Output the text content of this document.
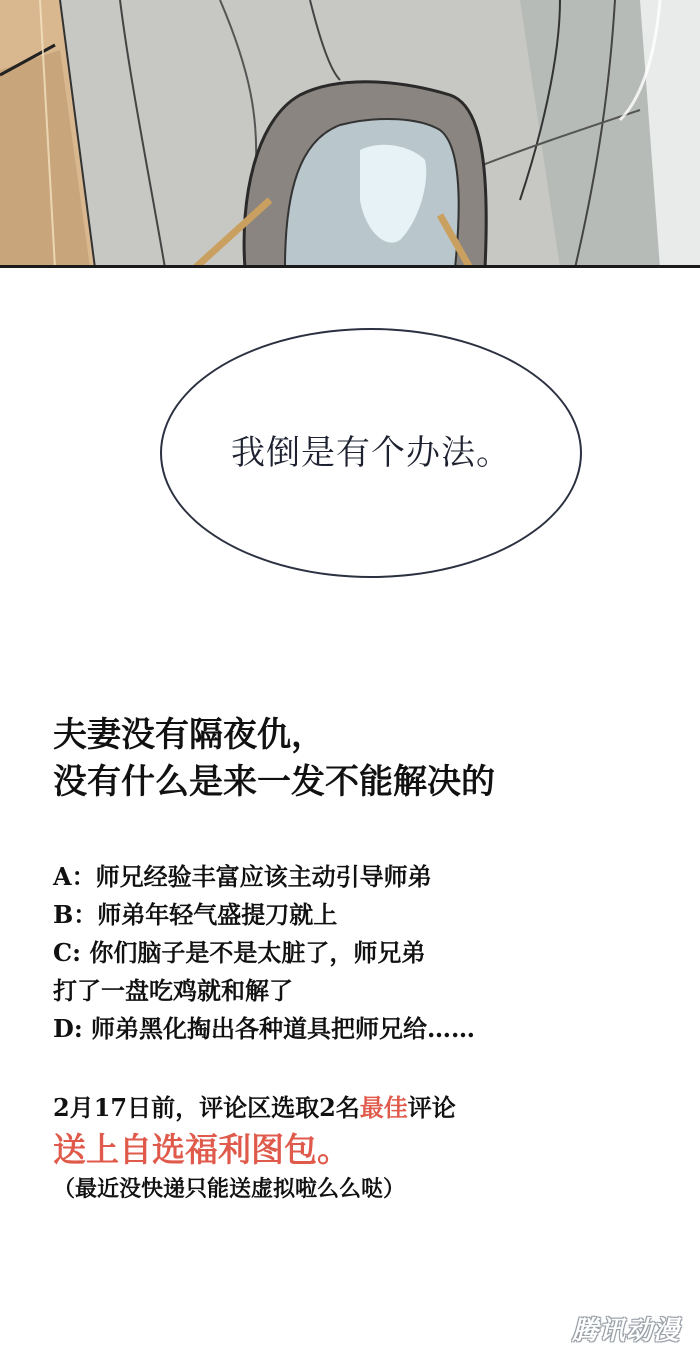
我倒是有个办法。
夫妻没有隔夜仇，
没有什么是来一发不能解决的
A：师兄经验丰富应该主动引导师弟
B：师弟年轻气盛提刀就上
C: 你们脑子是不是太脏了，师兄弟
打了一盘吃鸡就和解了
D: 师弟黑化掏出各种道具把师兄给……
2月17日前，评论区选取2名最佳评论
送上自选福利图包。
（最近没快递只能送虚拟啦么么哒）
腾讯动漫
